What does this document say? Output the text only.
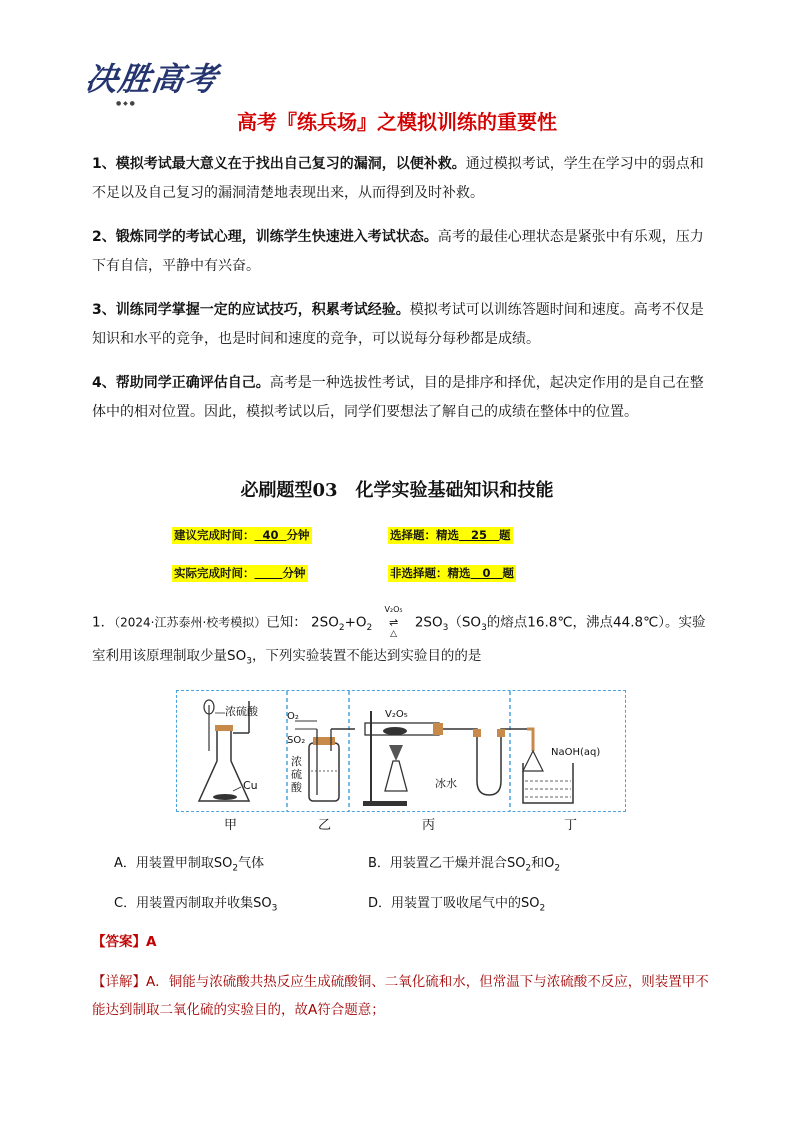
决胜高考
● ◆ ●
高考『练兵场』之模拟训练的重要性
1、模拟考试最大意义在于找出自己复习的漏洞，以便补救。通过模拟考试，学生在学习中的弱点和不足以及自己复习的漏洞清楚地表现出来，从而得到及时补救。
2、锻炼同学的考试心理，训练学生快速进入考试状态。高考的最佳心理状态是紧张中有乐观，压力下有自信，平静中有兴奋。
3、训练同学掌握一定的应试技巧，积累考试经验。模拟考试可以训练答题时间和速度。高考不仅是知识和水平的竞争，也是时间和速度的竞争，可以说每分每秒都是成绩。
4、帮助同学正确评估自己。高考是一种选拔性考试，目的是排序和择优，起决定作用的是自己在整体中的相对位置。因此，模拟考试以后，同学们要想法了解自己的成绩在整体中的位置。
必刷题型03　化学实验基础知识和技能
建议完成时间： 40 分钟	选择题：精选 25 题
实际完成时间： 分钟	非选择题：精选 0 题
1．（2024·江苏泰州·校考模拟）已知： $2SO_2+O_2$
V₂O₅
⇌
△
$2SO_3(SO_3$的熔点16.8℃，沸点44.8℃）。实验室利用该原理制取少量$SO_3$，下列实验装置不能达到实验目的的是
浓硫酸
Cu
O₂
SO₂
浓硫酸
V₂O₅
冰水
NaOH(aq)
甲	乙	丙	丁
A．用装置甲制取$SO_2$气体	B．用装置乙干燥并混合$SO_2$和$O_2$
C．用装置丙制取并收集$SO_3$	D．用装置丁吸收尾气中的$SO_2$
【答案】A
【详解】A．铜能与浓硫酸共热反应生成硫酸铜、二氧化硫和水，但常温下与浓硫酸不反应，则装置甲不能达到制取二氧化硫的实验目的，故A符合题意；
